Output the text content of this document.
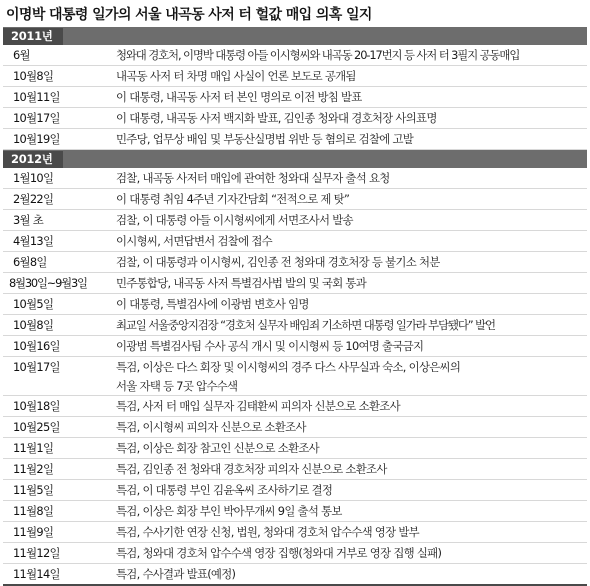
이명박 대통령 일가의 서울 내곡동 사저 터 헐값 매입 의혹 일지
2011년
6월	청와대 경호처, 이명박 대통령 아들 이시형씨와 내곡동 20-17번지 등 사저 터 3필지 공동매입
10월8일	내곡동 사저 터 차명 매입 사실이 언론 보도로 공개됨
10월11일	이 대통령, 내곡동 사저 터 본인 명의로 이전 방침 발표
10월17일	이 대통령, 내곡동 사저 백지화 발표, 김인종 청와대 경호처장 사의표명
10월19일	민주당, 업무상 배임 및 부동산실명법 위반 등 혐의로 검찰에 고발
2012년
1월10일	검찰, 내곡동 사저터 매입에 관여한 청와대 실무자 출석 요청
2월22일	이 대통령 취임 4주년 기자간담회 “전적으로 제 탓”
3월 초	검찰, 이 대통령 아들 이시형씨에게 서면조사서 발송
4월13일	이시형씨, 서면답변서 검찰에 접수
6월8일	검찰, 이 대통령과 이시형씨, 김인종 전 청와대 경호처장 등 불기소 처분
8월30일~9월3일	민주통합당, 내곡동 사저 특별검사법 발의 및 국회 통과
10월5일	이 대통령, 특별검사에 이광범 변호사 임명
10월8일	최교일 서울중앙지검장 “경호처 실무자 배임죄 기소하면 대통령 일가라 부담됐다” 발언
10월16일	이광범 특별검사팀 수사 공식 개시 및 이시형씨 등 10여명 출국금지
10월17일	특검, 이상은 다스 회장 및 이시형씨의 경주 다스 사무실과 숙소, 이상은씨의
서울 자택 등 7곳 압수수색
10월18일	특검, 사저 터 매입 실무자 김태환씨 피의자 신분으로 소환조사
10월25일	특검, 이시형씨 피의자 신분으로 소환조사
11월1일	특검, 이상은 회장 참고인 신분으로 소환조사
11월2일	특검, 김인종 전 청와대 경호처장 피의자 신분으로 소환조사
11월5일	특검, 이 대통령 부인 김윤옥씨 조사하기로 결정
11월8일	특검, 이상은 회장 부인 박아무개씨 9일 출석 통보
11월9일	특검, 수사기한 연장 신청, 법원, 청와대 경호처 압수수색 영장 발부
11월12일	특검, 청와대 경호처 압수수색 영장 집행(청와대 거부로 영장 집행 실패)
11월14일	특검, 수사결과 발표(예정)
